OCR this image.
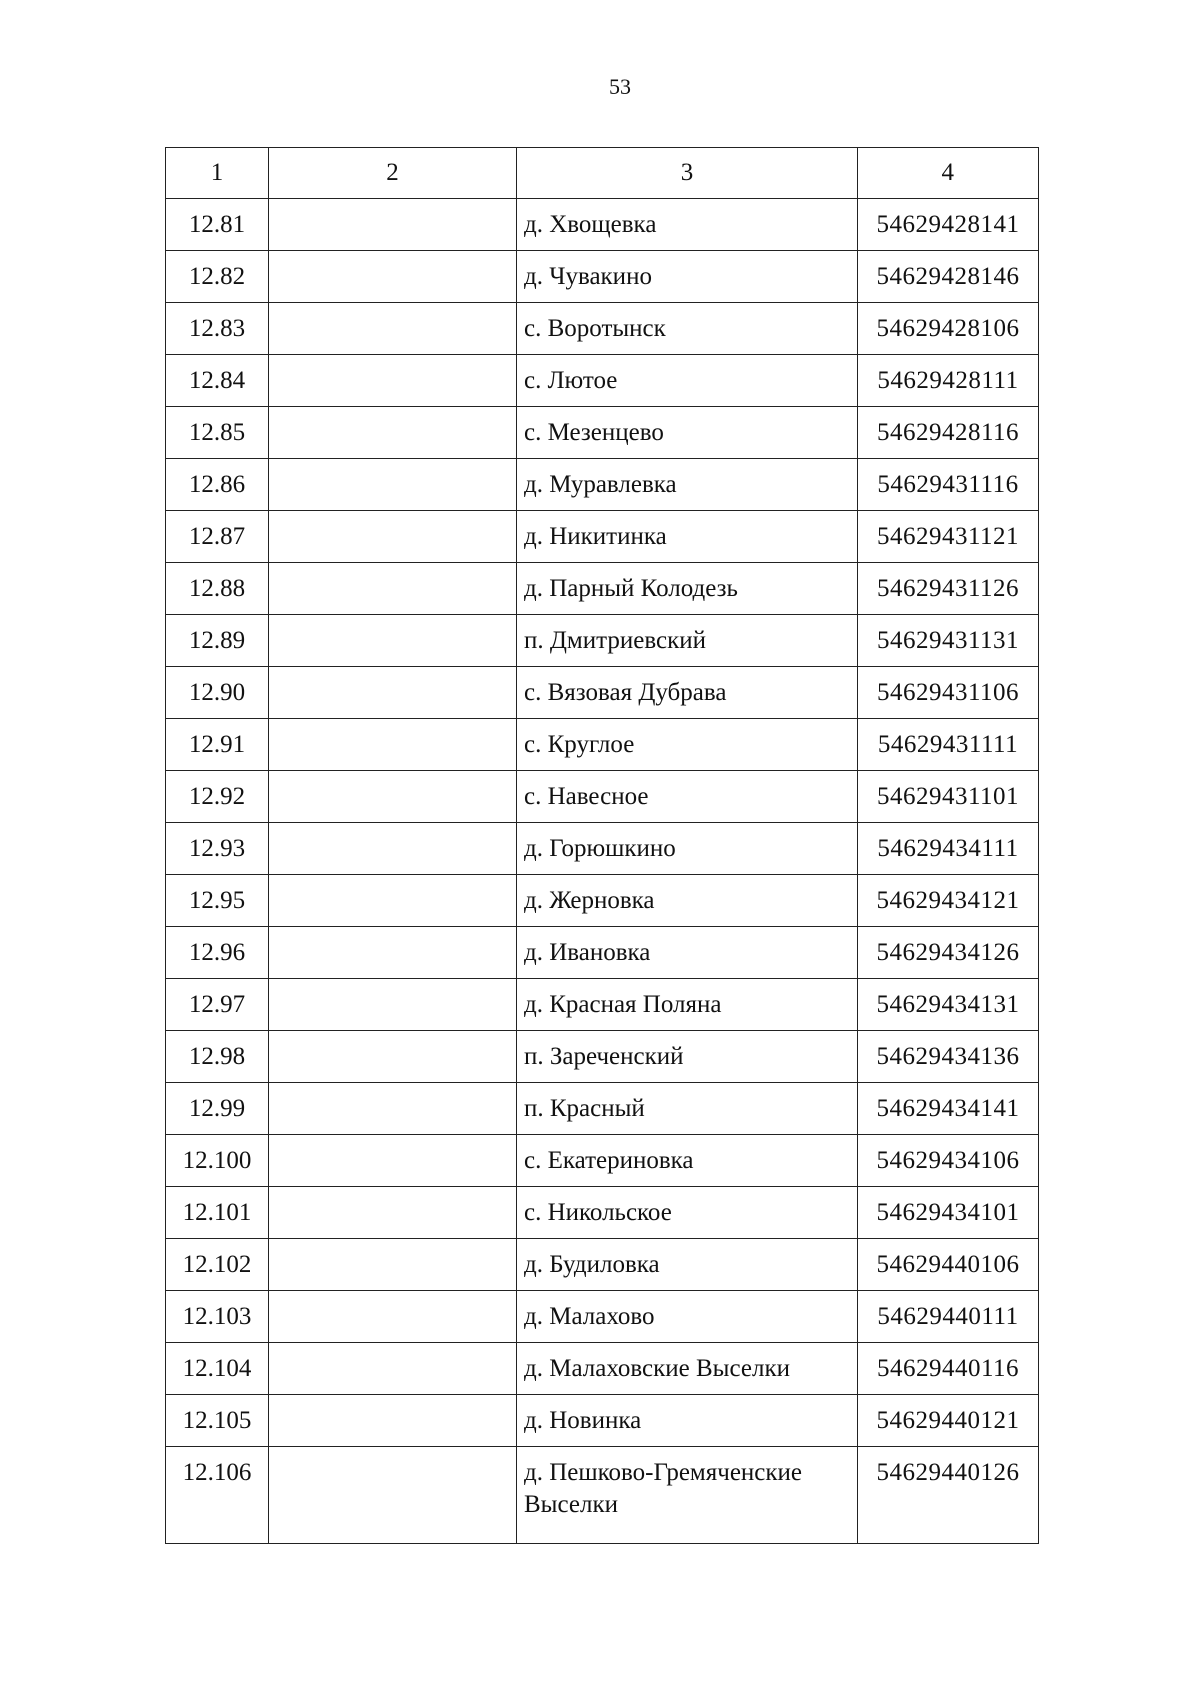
53
1	2	3	4
12.81		д. Хвощевка	54629428141
12.82		д. Чувакино	54629428146
12.83		с. Воротынск	54629428106
12.84		с. Лютое	54629428111
12.85		с. Мезенцево	54629428116
12.86		д. Муравлевка	54629431116
12.87		д. Никитинка	54629431121
12.88		д. Парный Колодезь	54629431126
12.89		п. Дмитриевский	54629431131
12.90		с. Вязовая Дубрава	54629431106
12.91		с. Круглое	54629431111
12.92		с. Навесное	54629431101
12.93		д. Горюшкино	54629434111
12.95		д. Жерновка	54629434121
12.96		д. Ивановка	54629434126
12.97		д. Красная Поляна	54629434131
12.98		п. Зареченский	54629434136
12.99		п. Красный	54629434141
12.100		с. Екатериновка	54629434106
12.101		с. Никольское	54629434101
12.102		д. Будиловка	54629440106
12.103		д. Малахово	54629440111
12.104		д. Малаховские Выселки	54629440116
12.105		д. Новинка	54629440121
12.106		д. Пешково-Гремяченские Выселки	54629440126
